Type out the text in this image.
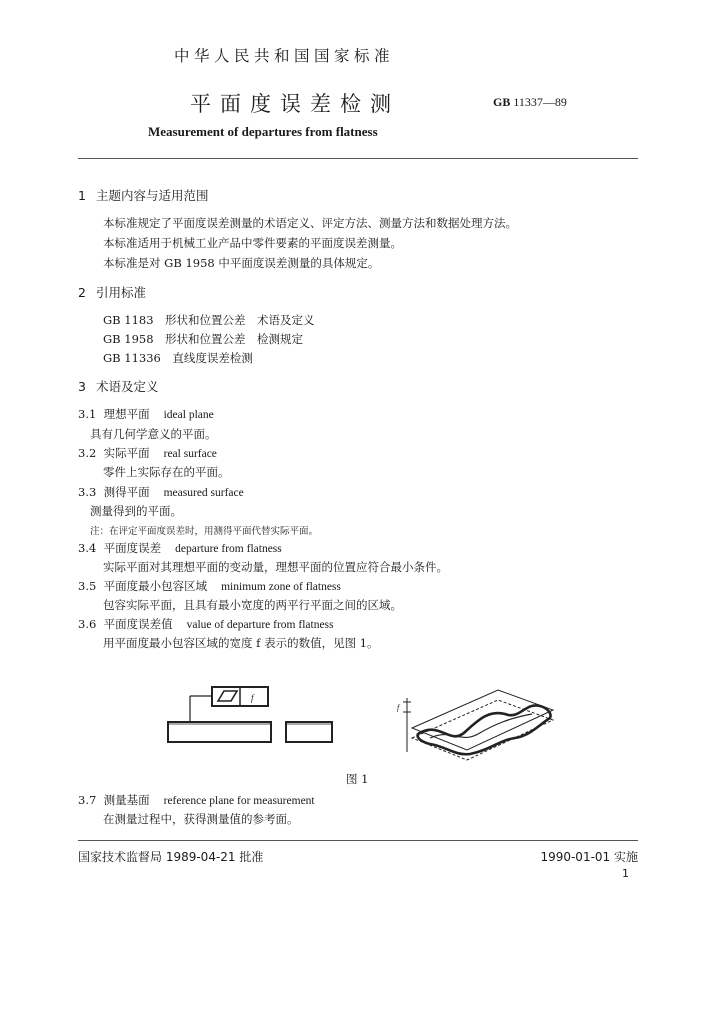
中华人民共和国国家标准
平面度误差检测	GB 11337—89
Measurement of departures from flatness
1 主题内容与适用范围
本标准规定了平面度误差测量的术语定义、评定方法、测量方法和数据处理方法。
本标准适用于机械工业产品中零件要素的平面度误差测量。
本标准是对 GB 1958 中平面度误差测量的具体规定。
2 引用标准
GB 1183　形状和位置公差　术语及定义
GB 1958　形状和位置公差　检测规定
GB 11336　直线度误差检测
3 术语及定义
3.1 理想平面 ideal plane
具有几何学意义的平面。
3.2 实际平面 real surface
零件上实际存在的平面。
3.3 测得平面 measured surface
测量得到的平面。
注：在评定平面度误差时，用测得平面代替实际平面。
3.4 平面度误差 departure from flatness
实际平面对其理想平面的变动量，理想平面的位置应符合最小条件。
3.5 平面度最小包容区域 minimum zone of flatness
包容实际平面，且具有最小宽度的两平行平面之间的区域。
3.6 平面度误差值 value of departure from flatness
用平面度最小包容区域的宽度 f 表示的数值，见图 1。
f
f
图 1
3.7 测量基面 reference plane for measurement
在测量过程中，获得测量值的参考面。
国家技术监督局 1989-04-21 批准	1990-01-01 实施
1
